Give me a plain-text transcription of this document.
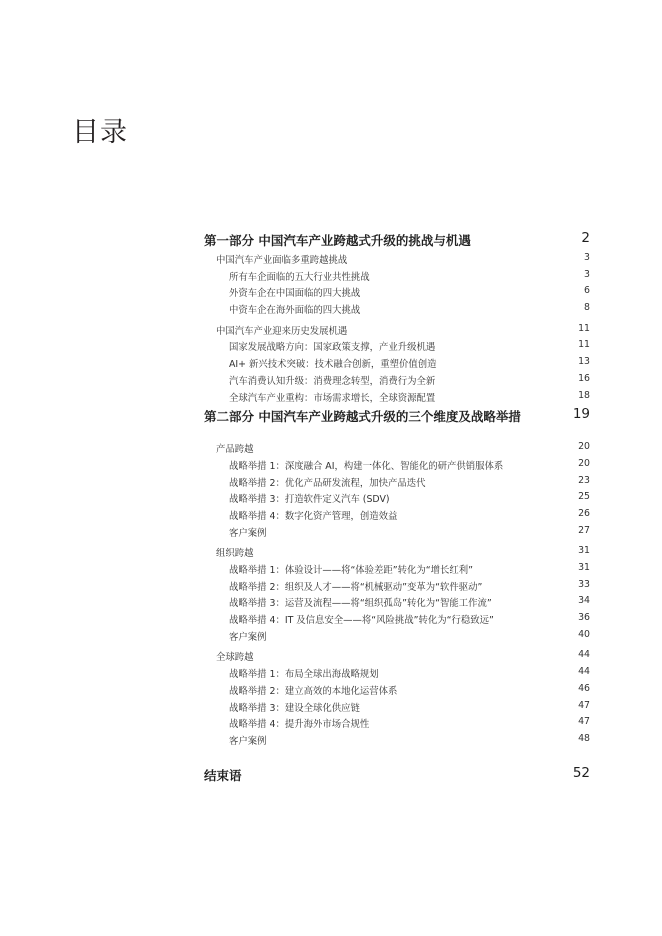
目录
第一部分 中国汽车产业跨越式升级的挑战与机遇	2
中国汽车产业面临多重跨越挑战	3
所有车企面临的五大行业共性挑战	3
外资车企在中国面临的四大挑战	6
中资车企在海外面临的四大挑战	8
中国汽车产业迎来历史发展机遇	11
国家发展战略方向：国家政策支撑，产业升级机遇	11
AI+ 新兴技术突破：技术融合创新，重塑价值创造	13
汽车消费认知升级：消费理念转型，消费行为全新	16
全球汽车产业重构：市场需求增长，全球资源配置	18
第二部分 中国汽车产业跨越式升级的三个维度及战略举措	19
产品跨越	20
战略举措 1：深度融合 AI，构建一体化、智能化的研产供销服体系	20
战略举措 2：优化产品研发流程，加快产品迭代	23
战略举措 3：打造软件定义汽车 (SDV)	25
战略举措 4：数字化资产管理，创造效益	26
客户案例	27
组织跨越	31
战略举措 1：体验设计——将“体验差距”转化为“增长红利”	31
战略举措 2：组织及人才——将“机械驱动”变革为“软件驱动”	33
战略举措 3：运营及流程——将“组织孤岛”转化为“智能工作流”	34
战略举措 4：IT 及信息安全——将“风险挑战”转化为“行稳致远”	36
客户案例	40
全球跨越	44
战略举措 1：布局全球出海战略规划	44
战略举措 2：建立高效的本地化运营体系	46
战略举措 3：建设全球化供应链	47
战略举措 4：提升海外市场合规性	47
客户案例	48
结束语	52
